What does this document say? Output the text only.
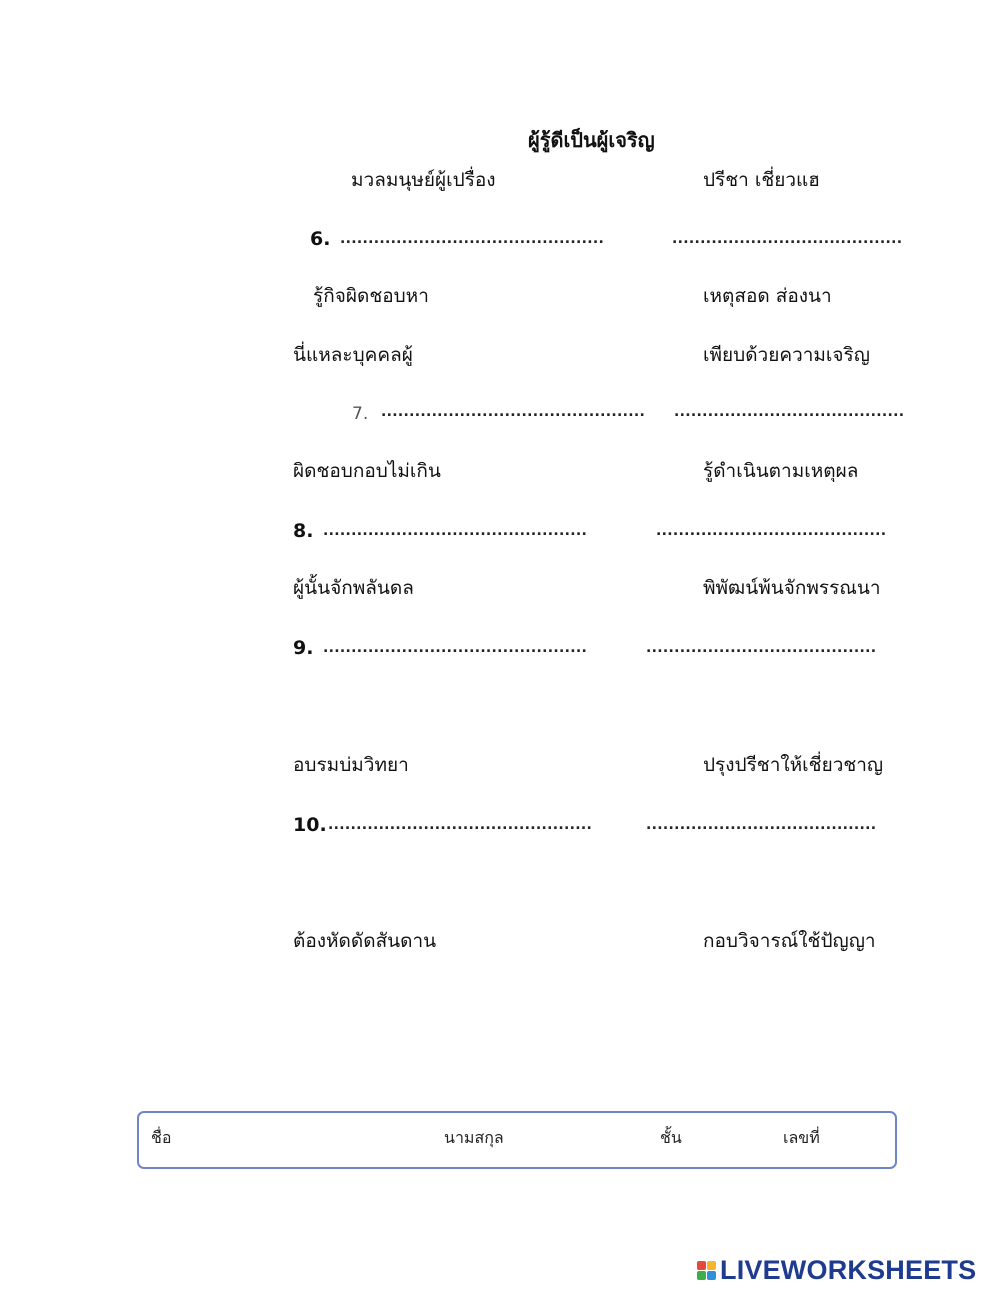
ผู้รู้ดีเป็นผู้เจริญ
มวลมนุษย์ผู้เปรื่อง	ปรีชา เชี่ยวแฮ
6. ...............................................	.........................................
รู้กิจผิดชอบหา	เหตุสอด ส่องนา
นี่แหละบุคคลผู้	เพียบด้วยความเจริญ
7. ............................................... .........................................
ผิดชอบกอบไม่เกิน	รู้ดำเนินตามเหตุผล
8. ...............................................	.........................................
ผู้นั้นจักพลันดล	พิพัฒน์พ้นจักพรรณนา
9. ...............................................	.........................................
อบรมบ่มวิทยา	ปรุงปรีชาให้เชี่ยวชาญ
10. ...............................................	.........................................
ต้องหัดดัดสันดาน	กอบวิจารณ์ใช้ปัญญา
ชื่อ	นามสกุล	ชั้น	เลขที่
LIVEWORKSHEETS
